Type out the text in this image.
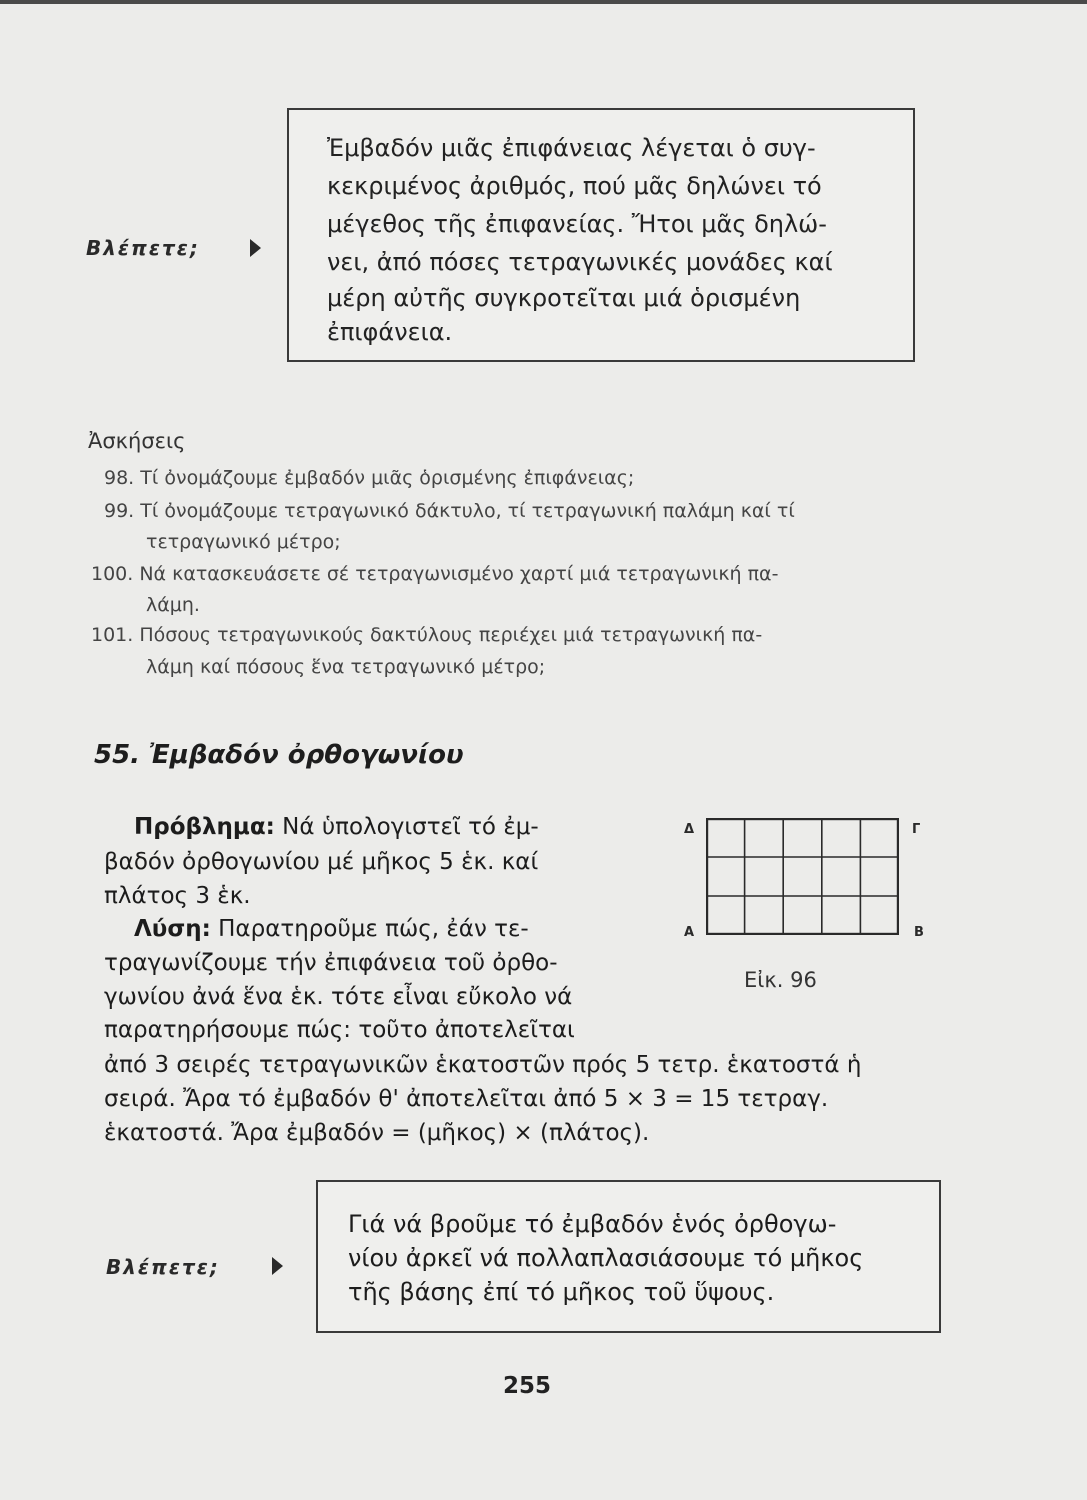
Βλέπετε;
Ἐμβαδόν μιᾶς ἐπιφάνειας λέγεται ὁ συγ-
κεκριμένος ἀριθμός, πού μᾶς δηλώνει τό
μέγεθος τῆς ἐπιφανείας. Ἤτοι μᾶς δηλώ-
νει, ἀπό πόσες τετραγωνικές μονάδες καί
μέρη αὐτῆς συγκροτεῖται μιά ὁρισμένη
ἐπιφάνεια.
Ἀσκήσεις
98. Τί ὀνομάζουμε ἐμβαδόν μιᾶς ὁρισμένης ἐπιφάνειας;
99. Τί ὀνομάζουμε τετραγωνικό δάκτυλο, τί τετραγωνική παλάμη καί τί
τετραγωνικό μέτρο;
100. Νά κατασκευάσετε σέ τετραγωνισμένο χαρτί μιά τετραγωνική πα-
λάμη.
101. Πόσους τετραγωνικούς δακτύλους περιέχει μιά τετραγωνική πα-
λάμη καί πόσους ἕνα τετραγωνικό μέτρο;
55. Ἐμβαδόν ὀρθογωνίου
Πρόβλημα: Νά ὑπολογιστεῖ τό ἐμ-
βαδόν ὀρθογωνίου μέ μῆκος 5 ἑκ. καί
πλάτος 3 ἑκ.
Λύση: Παρατηροῦμε πώς, ἐάν τε-
τραγωνίζουμε τήν ἐπιφάνεια τοῦ ὀρθο-
γωνίου ἀνά ἕνα ἑκ. τότε εἶναι εὔκολο νά
παρατηρήσουμε πώς: τοῦτο ἀποτελεῖται
ἀπό 3 σειρές τετραγωνικῶν ἑκατοστῶν πρός 5 τετρ. ἑκατοστά ἡ
σειρά. Ἄρα τό ἐμβαδόν θ' ἀποτελεῖται ἀπό 5 × 3 = 15 τετραγ.
ἑκατοστά. Ἄρα ἐμβαδόν = (μῆκος) × (πλάτος).
Δ	Γ
Α	Β
Εἰκ. 96
Βλέπετε;
Γιά νά βροῦμε τό ἐμβαδόν ἑνός ὀρθογω-
νίου ἀρκεῖ νά πολλαπλασιάσουμε τό μῆκος
τῆς βάσης ἐπί τό μῆκος τοῦ ὕψους.
255
